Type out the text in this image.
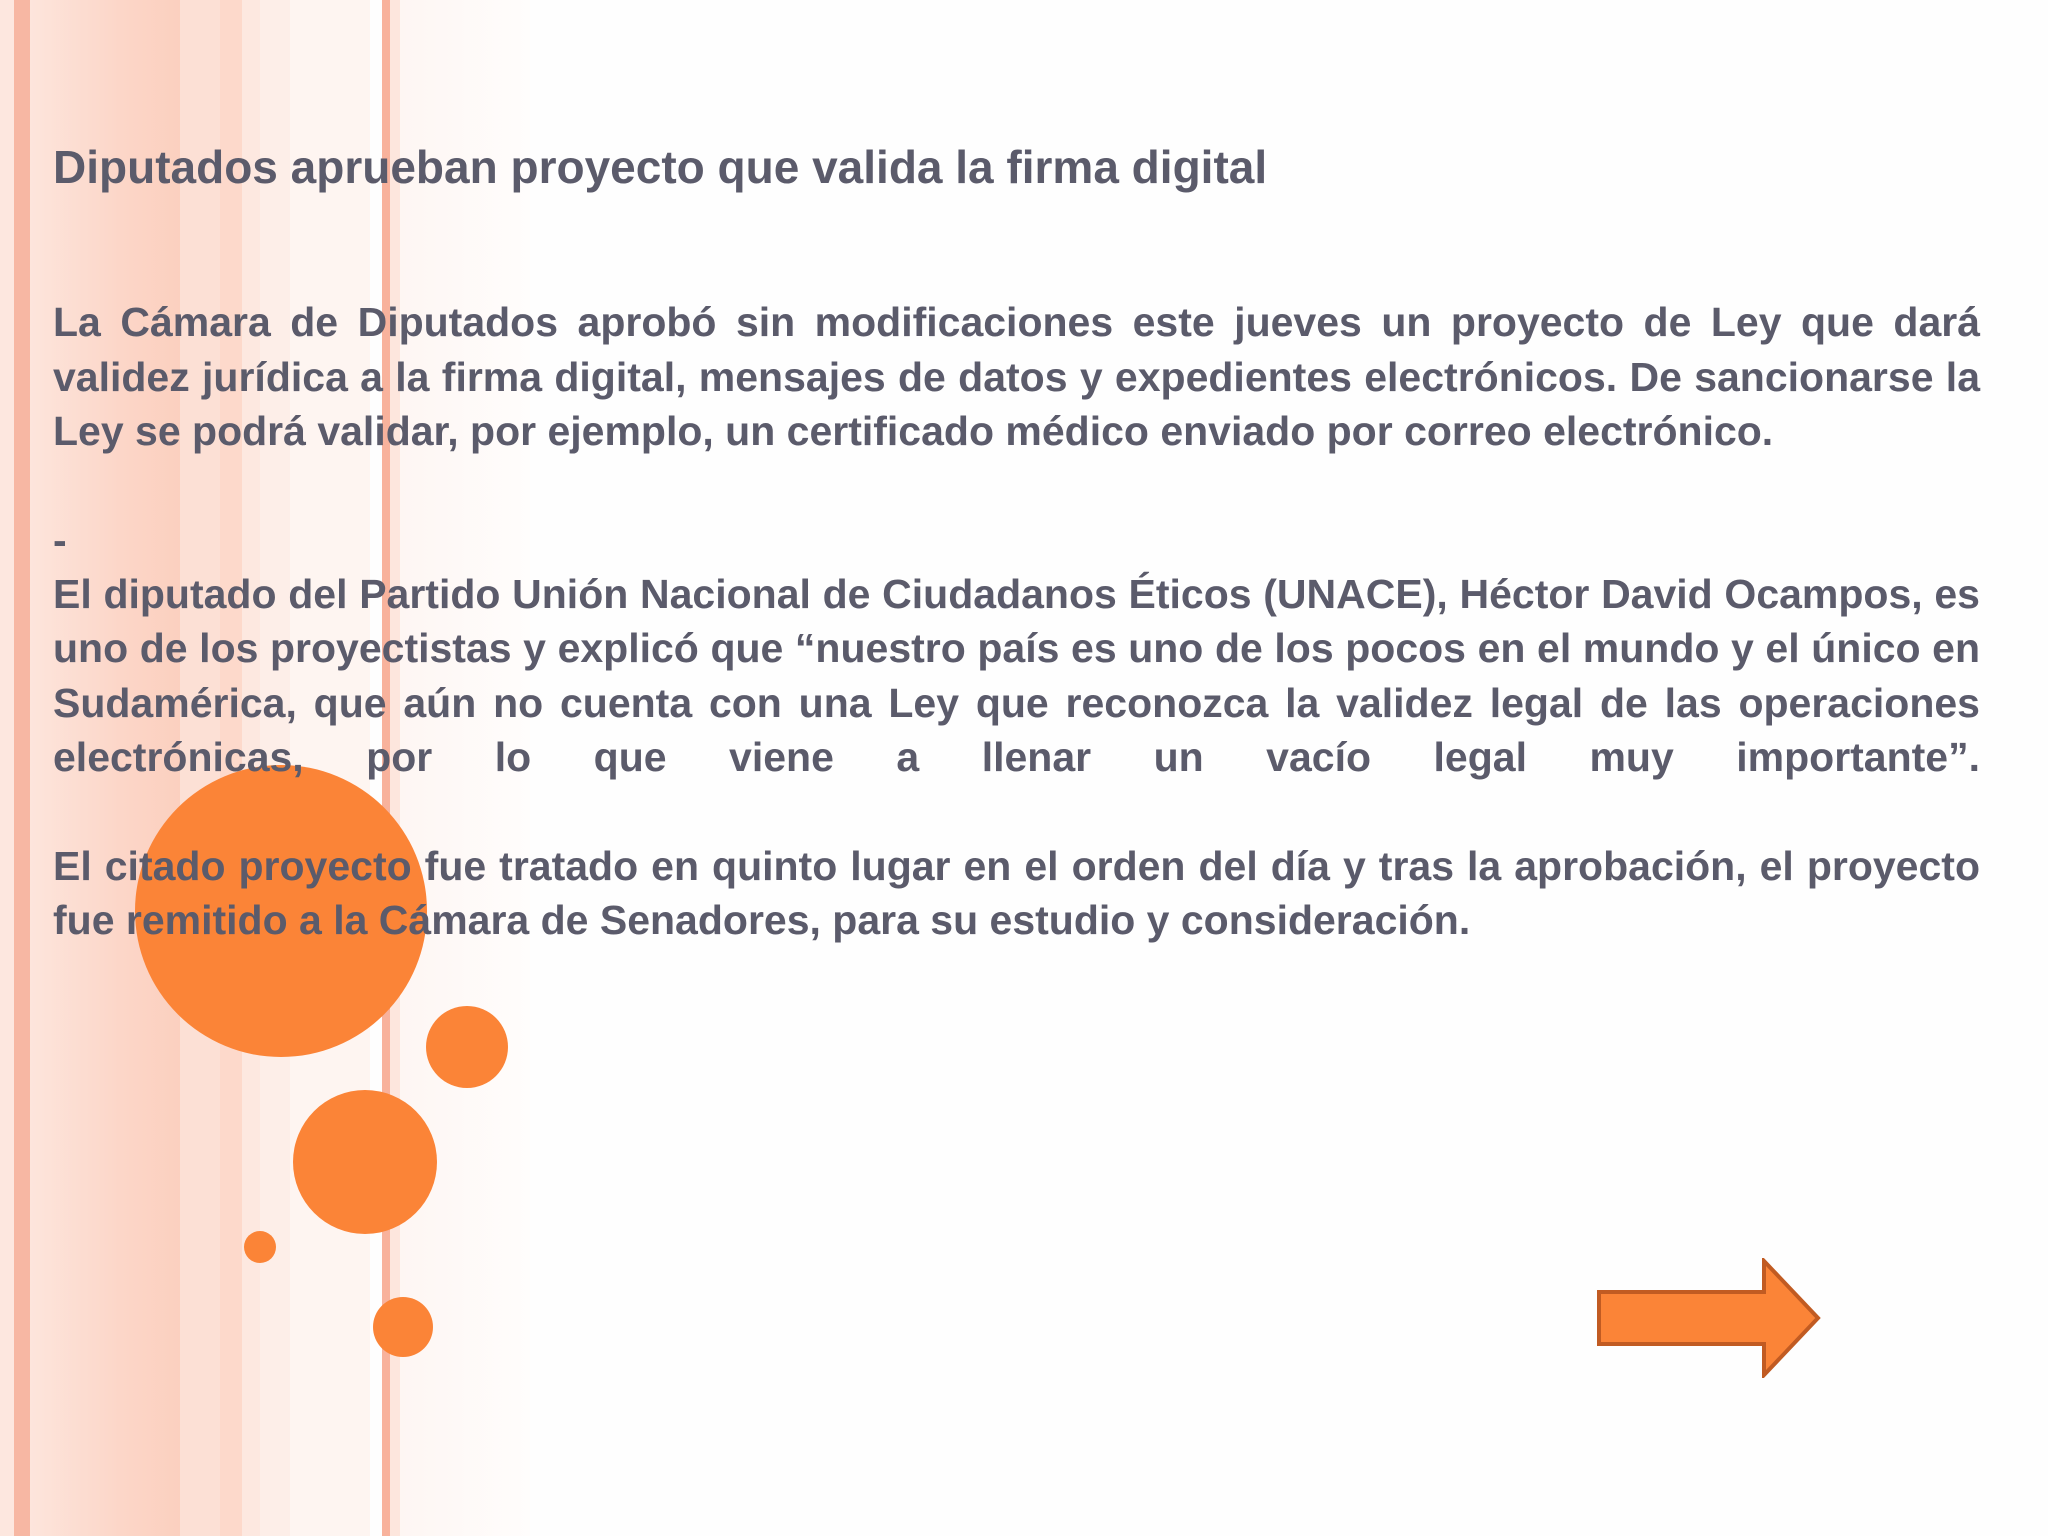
Diputados aprueban proyecto que valida la firma digital

La Cámara de Diputados aprobó sin modificaciones este jueves un proyecto de Ley que dará validez jurídica a la firma digital, mensajes de datos y expedientes electrónicos. De sancionarse la Ley se podrá validar, por ejemplo, un certificado médico enviado por correo electrónico.

-

El diputado del Partido Unión Nacional de Ciudadanos Éticos (UNACE), Héctor David Ocampos, es uno de los proyectistas y explicó que “nuestro país es uno de los pocos en el mundo y el único en Sudamérica, que aún no cuenta con una Ley que reconozca la validez legal de las operaciones electrónicas, por lo que viene a llenar un vacío legal muy importante”.

El citado proyecto fue tratado en quinto lugar en el orden del día y tras la aprobación, el proyecto fue remitido a la Cámara de Senadores, para su estudio y consideración.
